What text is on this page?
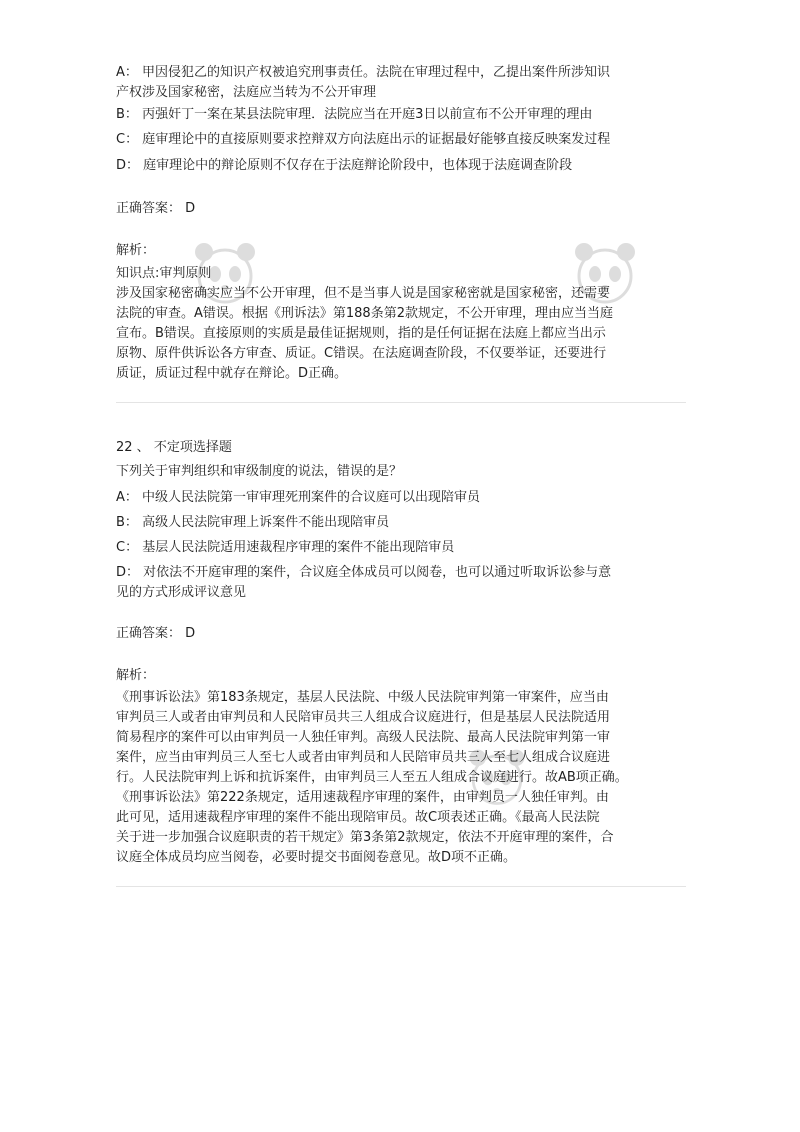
A： 甲因侵犯乙的知识产权被追究刑事责任。法院在审理过程中，乙提出案件所涉知识
产权涉及国家秘密，法庭应当转为不公开审理
B： 丙强奸丁一案在某县法院审理．法院应当在开庭3日以前宣布不公开审理的理由
C： 庭审理论中的直接原则要求控辩双方向法庭出示的证据最好能够直接反映案发过程
D： 庭审理论中的辩论原则不仅存在于法庭辩论阶段中，也体现于法庭调查阶段
正确答案： D
解析：
知识点:审判原则
涉及国家秘密确实应当不公开审理，但不是当事人说是国家秘密就是国家秘密，还需要
法院的审查。A错误。根据《刑诉法》第188条第2款规定，不公开审理，理由应当当庭
宣布。B错误。直接原则的实质是最佳证据规则，指的是任何证据在法庭上都应当出示
原物、原件供诉讼各方审查、质证。C错误。在法庭调查阶段，不仅要举证，还要进行
质证，质证过程中就存在辩论。D正确。
22 、 不定项选择题
下列关于审判组织和审级制度的说法，错误的是？
A： 中级人民法院第一审审理死刑案件的合议庭可以出现陪审员
B： 高级人民法院审理上诉案件不能出现陪审员
C： 基层人民法院适用速裁程序审理的案件不能出现陪审员
D： 对依法不开庭审理的案件，合议庭全体成员可以阅卷，也可以通过听取诉讼参与意
见的方式形成评议意见
正确答案： D
解析：
《刑事诉讼法》第183条规定，基层人民法院、中级人民法院审判第一审案件，应当由
审判员三人或者由审判员和人民陪审员共三人组成合议庭进行，但是基层人民法院适用
简易程序的案件可以由审判员一人独任审判。高级人民法院、最高人民法院审判第一审
案件，应当由审判员三人至七人或者由审判员和人民陪审员共三人至七人组成合议庭进
行。人民法院审判上诉和抗诉案件，由审判员三人至五人组成合议庭进行。故AB项正确。
《刑事诉讼法》第222条规定，适用速裁程序审理的案件，由审判员一人独任审判。由
此可见，适用速裁程序审理的案件不能出现陪审员。故C项表述正确。《最高人民法院
关于进一步加强合议庭职责的若干规定》第3条第2款规定，依法不开庭审理的案件，合
议庭全体成员均应当阅卷，必要时提交书面阅卷意见。故D项不正确。
